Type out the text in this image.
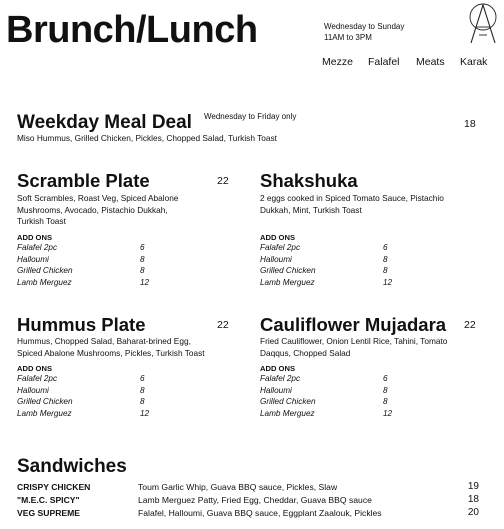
Brunch/Lunch	Wednesday to Sunday
11AM to 3PM
Mezze Falafel Meats Karak
Weekday Meal Deal Wednesday to Friday only
Miso Hummus, Grilled Chicken, Pickles, Chopped Salad, Turkish Toast
18
Scramble Plate	22
Soft Scrambles, Roast Veg, Spiced Abalone
Mushrooms, Avocado, Pistachio Dukkah,
Turkish Toast
ADD ONS
Falafel 2pc	6
Halloumi	8
Grilled Chicken	8
Lamb Merguez	12
Shakshuka
2 eggs cooked in Spiced Tomato Sauce, Pistachio
Dukkah, Mint, Turkish Toast
ADD ONS
Falafel 2pc	6
Halloumi	8
Grilled Chicken	8
Lamb Merguez	12
Hummus Plate	22
Hummus, Chopped Salad, Baharat-brined Egg,
Spiced Abalone Mushrooms, Pickles, Turkish Toast
ADD ONS
Falafel 2pc	6
Halloumi	8
Grilled Chicken	8
Lamb Merguez	12
Cauliflower Mujadara 22
Fried Cauliflower, Onion Lentil Rice, Tahini, Tomato
Daqqus, Chopped Salad
ADD ONS
Falafel 2pc	6
Halloumi	8
Grilled Chicken	8
Lamb Merguez	12
Sandwiches
CRISPY CHICKEN	Toum Garlic Whip, Guava BBQ sauce, Pickles, Slaw	19
"M.E.C. SPICY"	Lamb Merguez Patty, Fried Egg, Cheddar, Guava BBQ sauce	18
VEG SUPREME	Falafel, Halloumi, Guava BBQ sauce, Eggplant Zaalouk, Pickles	20
